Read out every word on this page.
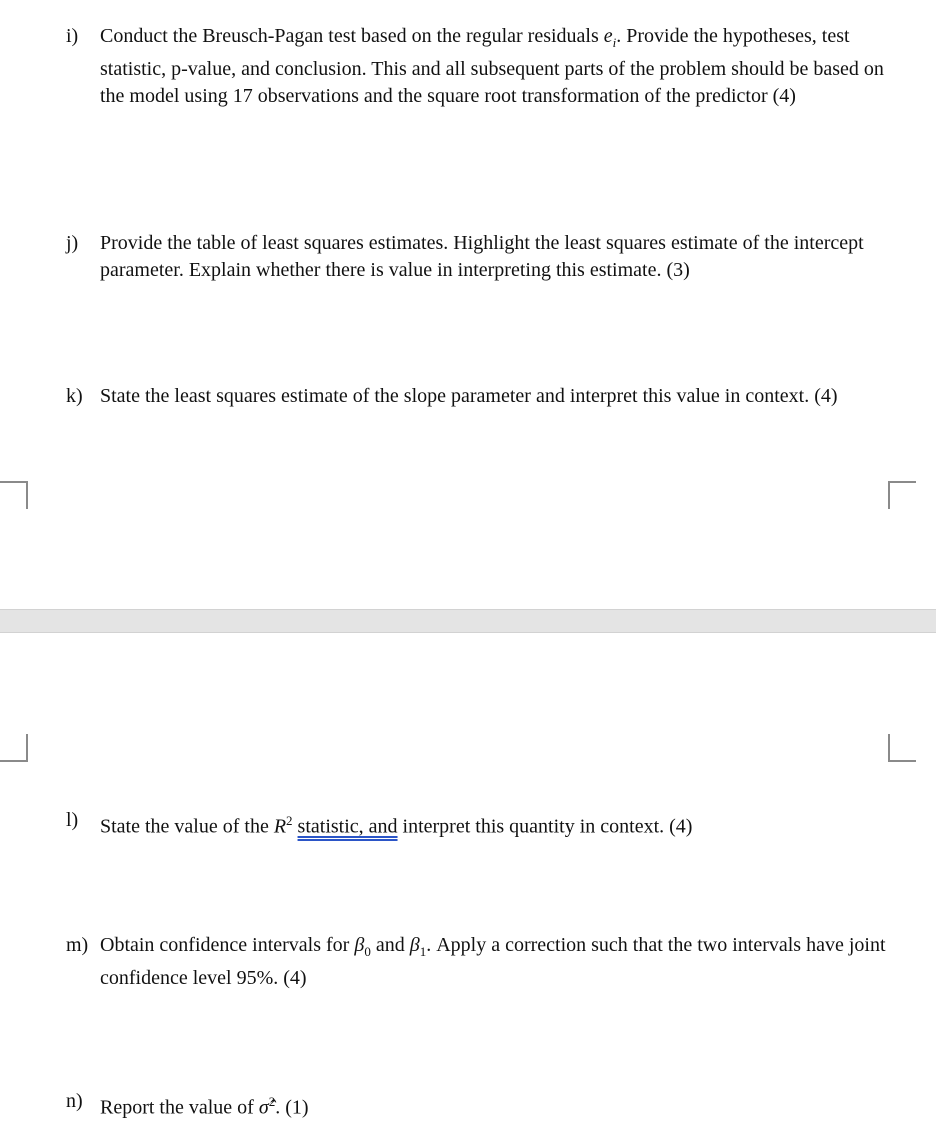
i) Conduct the Breusch-Pagan test based on the regular residuals $e_i$. Provide the hypotheses, test statistic, p-value, and conclusion. This and all subsequent parts of the problem should be based on the model using 17 observations and the square root transformation of the predictor (4)
j) Provide the table of least squares estimates. Highlight the least squares estimate of the intercept parameter. Explain whether there is value in interpreting this estimate. (3)
k) State the least squares estimate of the slope parameter and interpret this value in context. (4)
l) State the value of the $R^2$ statistic, and interpret this quantity in context. (4)
m) Obtain confidence intervals for $\beta_0$ and $\beta_1$. Apply a correction such that the two intervals have joint confidence level 95%. (4)
n) Report the value of σ̂$^2$. (1)
